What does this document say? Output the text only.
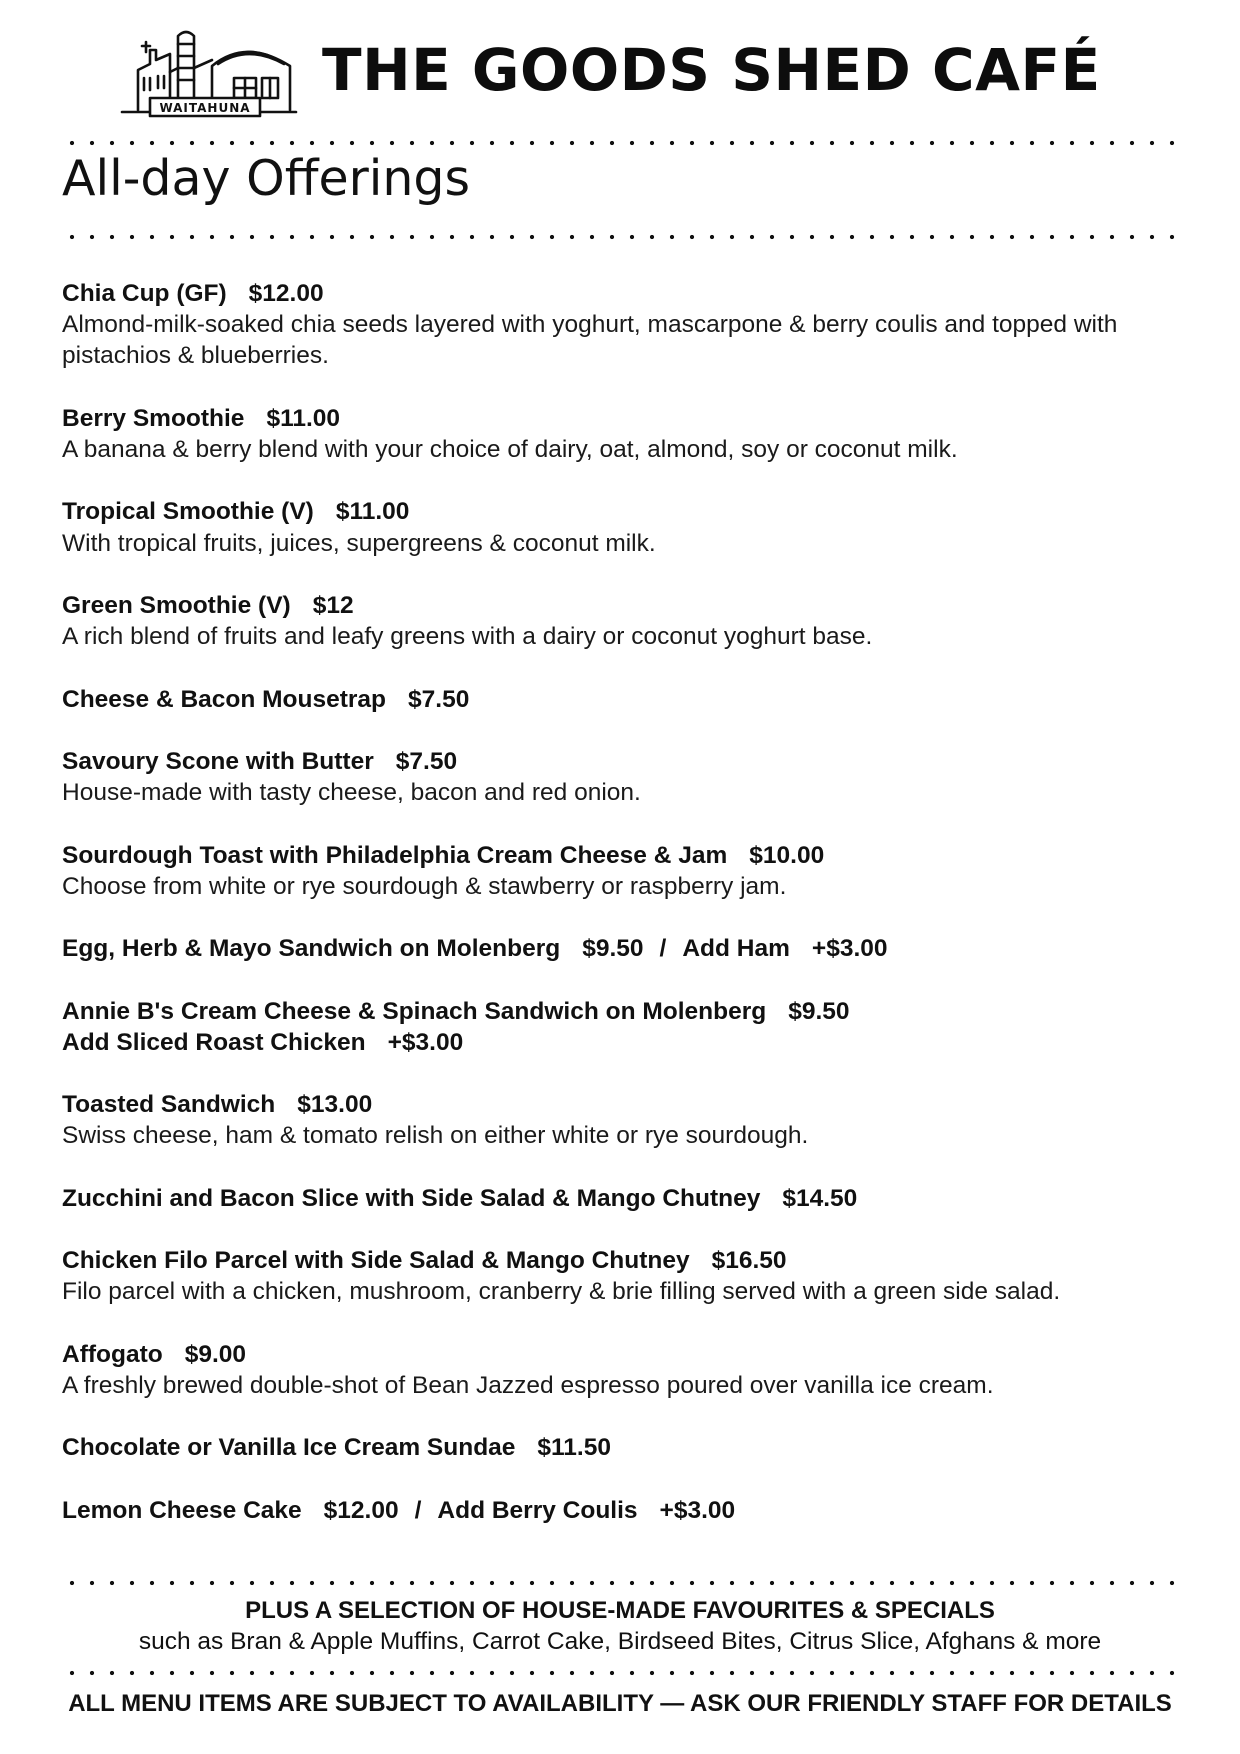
WAITAHUNA
THE GOODS SHED CAFÉ
All-day Offerings
Chia Cup (GF) $12.00
Almond-milk-soaked chia seeds layered with yoghurt, mascarpone & berry coulis and topped with pistachios & blueberries.
Berry Smoothie $11.00
A banana & berry blend with your choice of dairy, oat, almond, soy or coconut milk.
Tropical Smoothie (V) $11.00
With tropical fruits, juices, supergreens & coconut milk.
Green Smoothie (V) $12
A rich blend of fruits and leafy greens with a dairy or coconut yoghurt base.
Cheese & Bacon Mousetrap $7.50
Savoury Scone with Butter $7.50
House-made with tasty cheese, bacon and red onion.
Sourdough Toast with Philadelphia Cream Cheese & Jam $10.00
Choose from white or rye sourdough & stawberry or raspberry jam.
Egg, Herb & Mayo Sandwich on Molenberg $9.50 / Add Ham +$3.00
Annie B's Cream Cheese & Spinach Sandwich on Molenberg $9.50
Add Sliced Roast Chicken +$3.00
Toasted Sandwich $13.00
Swiss cheese, ham & tomato relish on either white or rye sourdough.
Zucchini and Bacon Slice with Side Salad & Mango Chutney $14.50
Chicken Filo Parcel with Side Salad & Mango Chutney $16.50
Filo parcel with a chicken, mushroom, cranberry & brie filling served with a green side salad.
Affogato $9.00
A freshly brewed double-shot of Bean Jazzed espresso poured over vanilla ice cream.
Chocolate or Vanilla Ice Cream Sundae $11.50
Lemon Cheese Cake $12.00 / Add Berry Coulis +$3.00
PLUS A SELECTION OF HOUSE-MADE FAVOURITES & SPECIALS
such as Bran & Apple Muffins, Carrot Cake, Birdseed Bites, Citrus Slice, Afghans & more
ALL MENU ITEMS ARE SUBJECT TO AVAILABILITY — ASK OUR FRIENDLY STAFF FOR DETAILS
